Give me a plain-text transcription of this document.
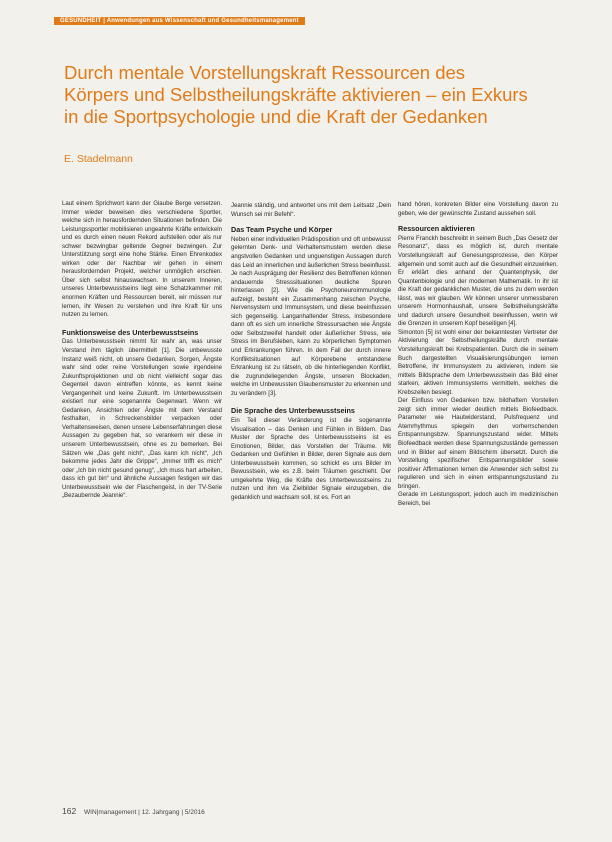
GESUNDHEIT | Anwendungen aus Wissenschaft und Gesundheitsmanagement
Durch mentale Vorstellungskraft Ressourcen des
Körpers und Selbstheilungskräfte aktivieren – ein Exkurs
in die Sportpsychologie und die Kraft der Gedanken
E. Stadelmann

Laut einem Sprichwort kann der Glaube Berge versetzen. Immer wieder beweisen dies verschiedene Sportler, welche sich in herausfordernden Situationen befinden. Die Leistungssportler mobilisieren ungeahnte Kräfte entwickeln und es durch einen neuen Rekord aufstellen oder als nur schwer bezwingbar geltende Gegner bezwingen. Zur Unterstützung sorgt eine hohe Stärke. Einen Ehrenkodex wirken oder der Nachbar wir gehen in einem herausfordernden Projekt, welcher unmöglich erschien. Über sich selbst hinauswachsen. In unserem Inneren, unseres Unterbewusstseins liegt eine Schatzkammer mit enormen Kräften und Ressourcen bereit, wir müssen nur lernen, ihr Wesen zu verstehen und ihre Kraft für uns nutzen zu lernen.

Funktionsweise des Unterbewusstseins

Das Unterbewusstsein nimmt für wahr an, was unser Verstand ihm täglich übermittelt [1]. Die unbewusste Instanz weiß nicht, ob unsere Gedanken, Sorgen, Ängste wahr sind oder reine Vorstellungen sowie irgendeine Zukunftsprojektionen und ob nicht vielleicht sogar das Gegenteil davon eintreffen könnte, es kennt keine Vergangenheit und keine Zukunft. Im Unterbewusstsein existiert nur eine sogenannte Gegenwart. Wenn wir Gedanken, Ansichten oder Ängste mit dem Verstand festhalten, in Schreckensbilder verpacken oder Verhaltensweisen, denen unsere Lebenserfahrungen diese Aussagen zu gegeben hat, so verankern wir diese in unserem Unterbewusstsein, ohne es zu bemerken. Bei Sätzen wie „Das geht nicht“, „Das kann ich nicht“, „Ich bekomme jedes Jahr die Grippe“, „Immer trifft es mich“ oder „Ich bin nicht gesund genug“, „Ich muss hart arbeiten, dass ich gut bin“ und ähnliche Aussagen festigen wir das Unterbewusstsein wie der Flaschengeist, in der TV-Serie „Bezaubernde Jeannie“.

Jeannie ständig, und antwortet uns mit dem Leitsatz „Dein Wunsch sei mir Befehl“.

Das Team Psyche und Körper

Neben einer individuellen Prädisposition und oft unbewusst gelernten Denk- und Verhaltensmustern werden diese angstvollen Gedanken und unguenstigen Aussagen durch das Leid an innerlichen und äußerlichen Stress beeinflusst. Je nach Ausprägung der Resilienz des Betroffenen können andauernde Stresssituationen deutliche Spuren hinterlassen [2]. Wie die Psychoneuroimmunologie aufzeigt, besteht ein Zusammenhang zwischen Psyche, Nervensystem und Immunsystem, und diese beeinflussen sich gegenseitig. Langanhaltender Stress, insbesondere dann oft es sich um innerliche Stressursachen wie Ängste oder Selbstzweifel handelt oder äußerlicher Stress, wie Stress im Berufsleben, kann zu körperlichen Symptomen und Erkrankungen führen. In dem Fall der durch innere Konfliktsituationen auf Körperebene entstandene Erkrankung ist zu rätseln, ob die hinterliegenden Konflikt, die zugrundeliegenden Ängste, unseren Blockaden, welche im Unbewussten Glaubensmuster zu erkennen und zu verändern [3].

Die Sprache des Unterbewusstseins

Ein Teil dieser Veränderung ist die sogenannte Visualisation – das Denken und Fühlen in Bildern. Das Muster der Sprache des Unterbewusstseins ist es Emotionen, Bilder, das Vorstellen der Träume. Mit Gedanken und Gefühlen in Bilder, deren Signale aus dem Unterbewusstsein kommen, so schickt es uns Bilder im Bewusstsein, wie es z.B. beim Träumen geschieht. Der umgekehrte Weg, die Kräfte des Unterbewusstseins zu nutzen und ihm via Zielbilder Signale einzugeben, die gedanklich und wachsam soll, ist es. Fort an

hand hören, konkreten Bilder eine Vorstellung davon zu geben, wie der gewünschte Zustand aussehen soll.

Ressourcen aktivieren

Pierre Franckh beschreibt in seinem Buch „Das Gesetz der Resonanz“, dass es möglich ist, durch mentale Vorstellungskraft auf Genesungsprozesse, den Körper allgemein und somit auch auf die Gesundheit einzuwirken. Er erklärt dies anhand der Quantenphysik, der Quantenbiologie und der modernen Mathematik. In ihr ist die Kraft der gedanklichen Muster, die uns zu dem werden lässt, was wir glauben. Wir können unserer unmessbaren unserem Hormonhaushalt, unsere Selbstheilungskräfte und dadurch unsere Gesundheit beeinflussen, wenn wir die Grenzen in unserem Kopf beseitigen [4].

Simonton [5] ist wohl einer der bekanntesten Vertreter der Aktivierung der Selbstheilungskräfte durch mentale Vorstellungskraft bei Krebspatienten. Durch die in seinem Buch dargestellten Visualisierungsübungen lernen Betroffene, ihr Immunsystem zu aktivieren, indem sie mittels Bildsprache dem Unterbewusstsein das Bild einer starken, aktiven Immunsystems vermitteln, welches die Krebszellen besiegt.

Der Einfluss von Gedanken bzw. bildhaftem Vorstellen zeigt sich immer wieder deutlich mittels Biofeedback. Parameter wie Hautwiderstand, Pulsfrequenz und Atemrhythmus spiegeln den vorherrschenden Entspannungsbzw. Spannungszustand wider. Mittels Biofeedback werden diese Spannungszustände gemessen und in Bilder auf einem Bildschirm übersetzt. Durch die Vorstellung spezifischer Entspannungsbilder sowie positiver Affirmationen lernen die Anwender sich selbst zu regulieren und sich in einen entspannungszustand zu bringen.

Gerade im Leistungssport, jedoch auch im medizinischen Bereich, bei

162 WIN|management | 12. Jahrgang | 5/2016
